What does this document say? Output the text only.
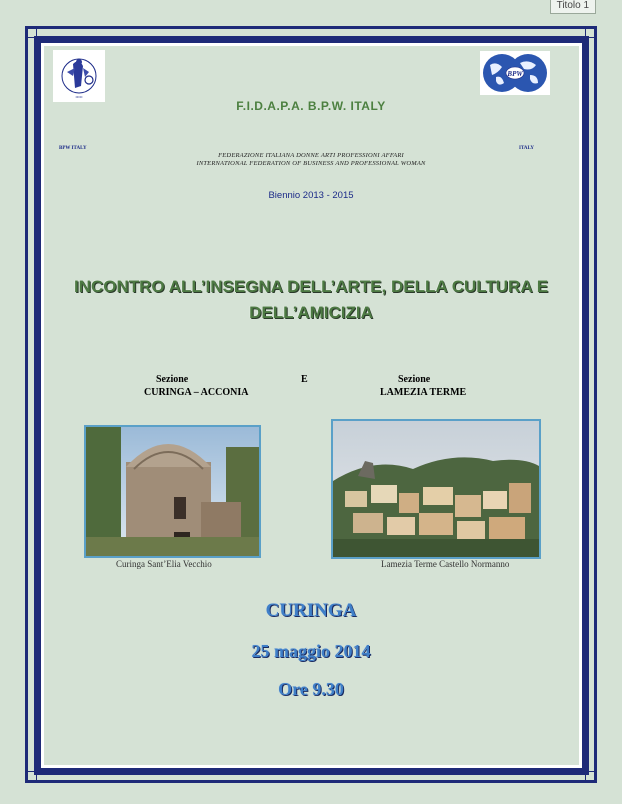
Titolo 1
•••••
BPW
F.I.D.A.P.A. B.P.W. ITALY
BPW ITALY	ITALY
FEDERAZIONE ITALIANA DONNE ARTI PROFESSIONI AFFARI
INTERNATIONAL FEDERATION OF BUSINESS AND PROFESSIONAL WOMAN
Biennio 2013 - 2015
INCONTRO ALL’INSEGNA DELL’ARTE, DELLA CULTURA E
DELL’AMICIZIA
Sezione
CURINGA – ACCONIA
E	Sezione
LAMEZIA TERME
Curinga Sant’Elia Vecchio	Lamezia Terme Castello Normanno
CURINGA
25 maggio 2014
Ore 9.30
